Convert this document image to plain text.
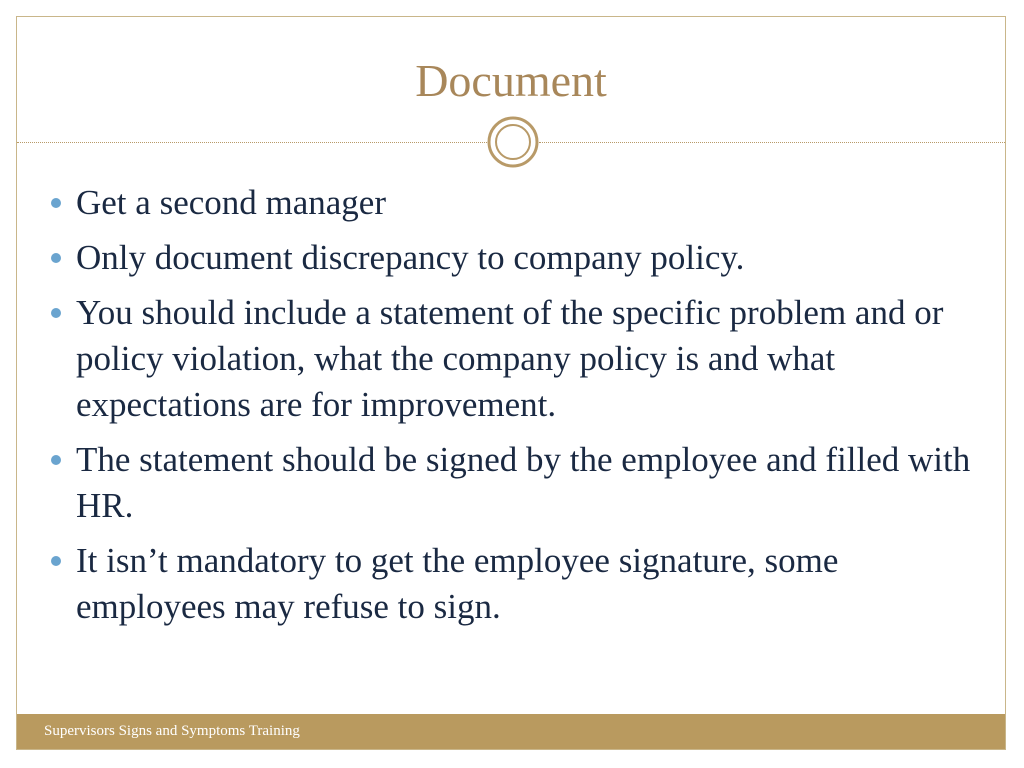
Document
Get a second manager
Only document discrepancy to company policy.
You should include a statement of the specific problem and or policy violation, what the company policy is and what expectations are for improvement.
The statement should be signed by the employee and filled with HR.
It isn’t mandatory to get the employee signature, some employees may refuse to sign.
Supervisors Signs and Symptoms Training
